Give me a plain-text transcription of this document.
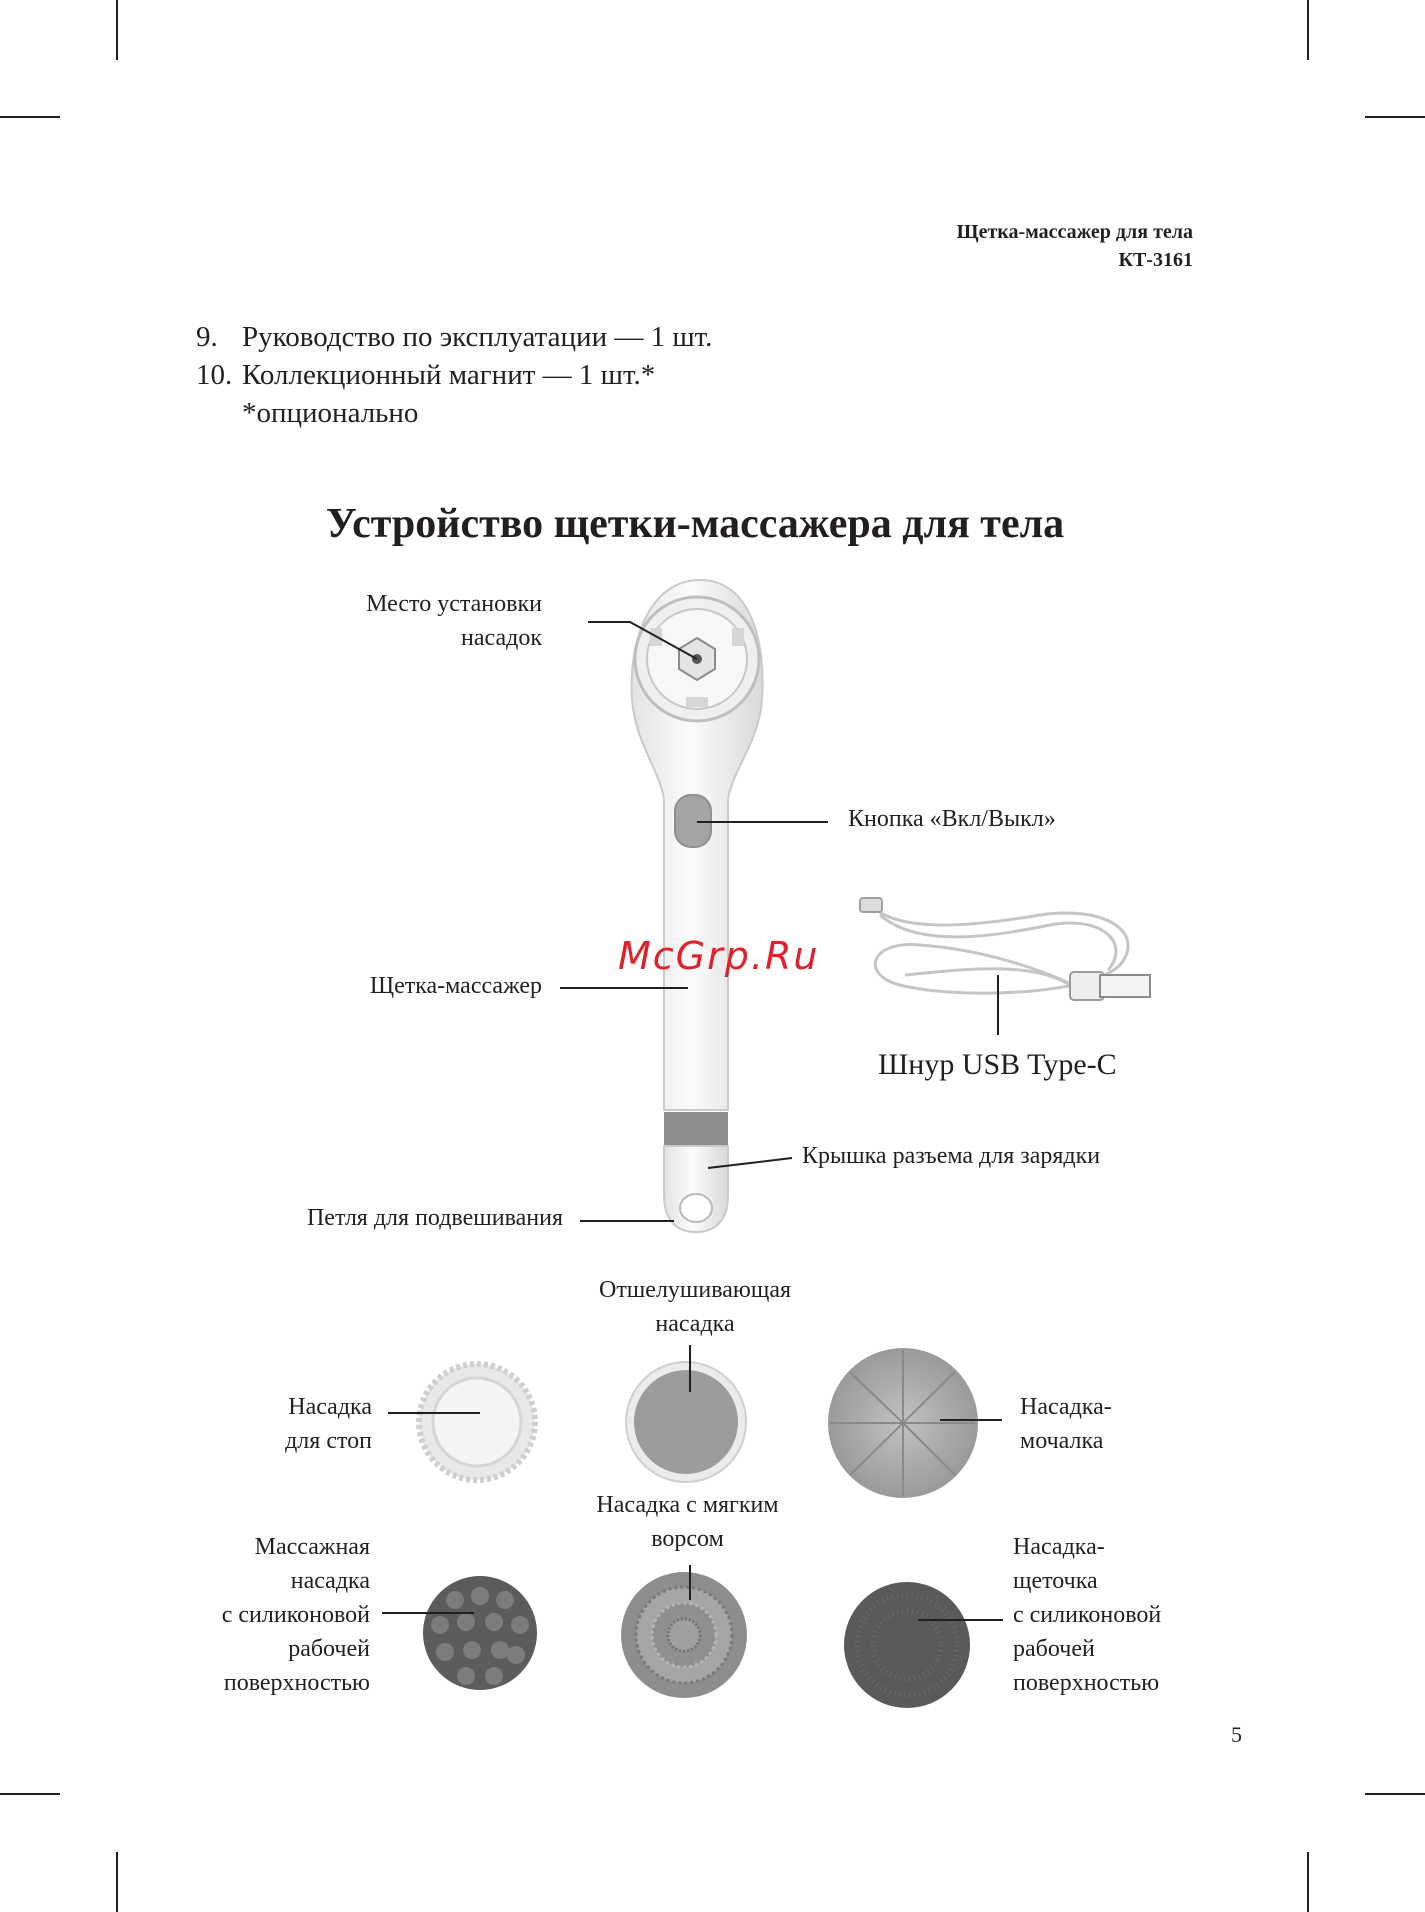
Щетка-массажер для тела
КТ-3161
9. Руководство по эксплуатации — 1 шт.
10. Коллекционный магнит — 1 шт.*
*опционально
Устройство щетки-массажера для тела
Место установки
насадок
Кнопка «Вкл/Выкл»
Щетка-массажер
Шнур USB Type-C
Крышка разъема для зарядки
Петля для подвешивания
Отшелушивающая
насадка
Насадка
для стоп
Насадка-
мочалка
Насадка с мягким
ворсом
Массажная
насадка
с силиконовой
рабочей
поверхностью
Насадка-
щеточка
с силиконовой
рабочей
поверхностью
McGrp.Ru
5
